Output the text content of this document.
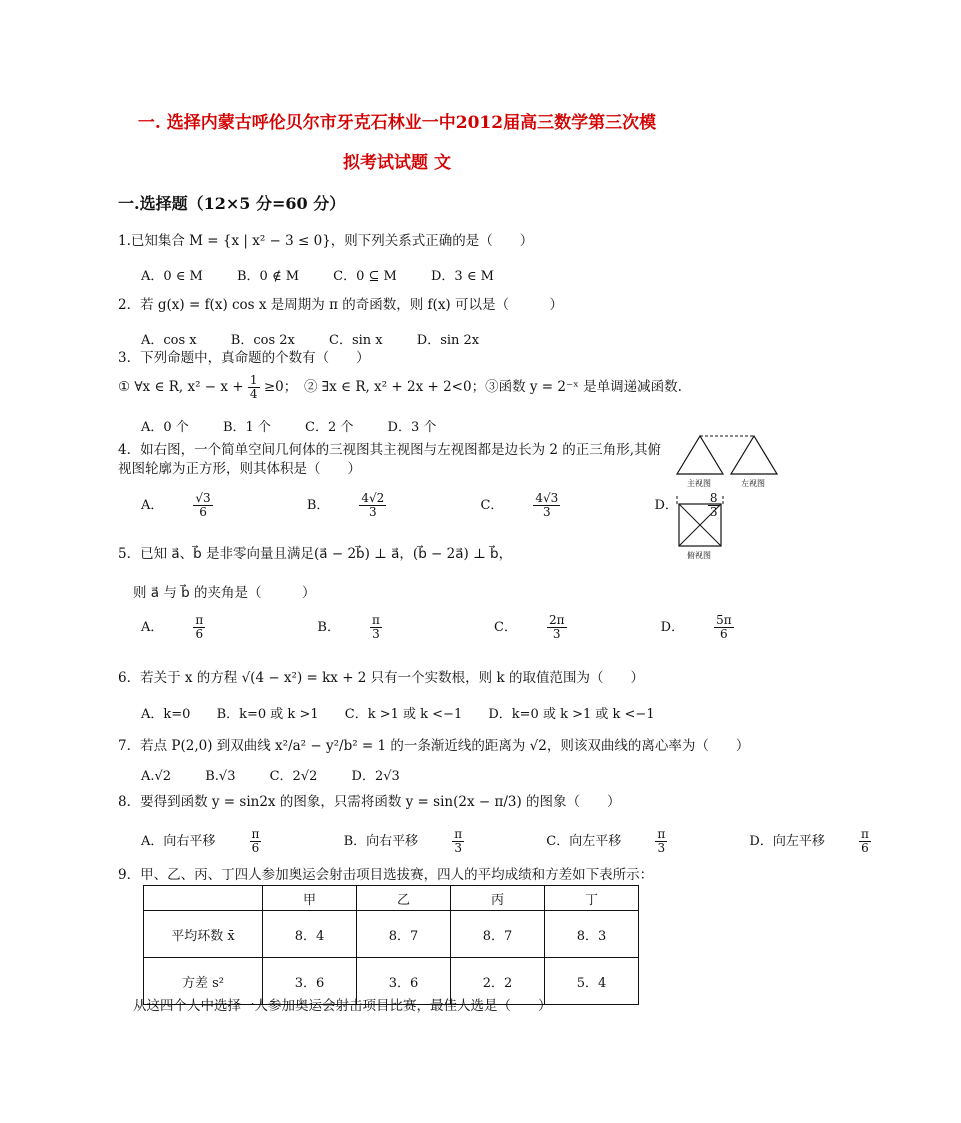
一. 选择内蒙古呼伦贝尔市牙克石林业一中2012届高三数学第三次模
拟考试试题 文
一.选择题（12×5 分=60 分）
1.已知集合 M = {x | x² − 3 ≤ 0}，则下列关系式正确的是（　　）
A．0 ∈ M	B．0 ∉ M	C．0 ⊆ M	D．3 ∈ M
2．若 g(x) = f(x) cos x 是周期为 π 的奇函数，则 f(x) 可以是（　　　）
A．cos x	B．cos 2x	C．sin x	D．sin 2x
3．下列命题中，真命题的个数有（　　）
① ∀x ∈ R, $x^2 - x + \frac{1}{4} \ge 0$；　② ∃x ∈ R, x² + 2x + 2<0；③函数 y = 2⁻ˣ 是单调递减函数.
A．0 个	B．1 个	C．2 个	D．3 个
4．如右图，一个简单空间几何体的三视图其主视图与左视图都是边长为 2 的正三角形,其俯
视图轮廓为正方形，则其体积是（　　）
A．	$\frac{√3}{6}$	B．	$\frac{4√2}{3}$	C．	$\frac{4√3}{3}$	D．	$\frac{8}{3}$
主视图	左视图
俯视图
5．已知 a⃗、b⃗ 是非零向量且满足(a⃗ − 2b⃗) ⊥ a⃗，(b⃗ − 2a⃗) ⊥ b⃗，
则 a⃗ 与 b⃗ 的夹角是（　　　）
A．	$\frac{\pi}{6}$	B．	$\frac{\pi}{3}$	C．	$\frac{2\pi}{3}$	D．	$\frac{5\pi}{6}$
6．若关于 x 的方程 √(4 − x²) = kx + 2 只有一个实数根，则 k 的取值范围为（　　）
A．k=0 B．k=0 或 k >1 C．k >1 或 k <−1 D．k=0 或 k >1 或 k <−1
7．若点 P(2,0) 到双曲线 x²/a² − y²/b² = 1 的一条渐近线的距离为 √2，则该双曲线的离心率为（　　）
A.√2	B.√3	C．2√2	D．2√3
8．要得到函数 y = sin2x 的图象，只需将函数 y = sin(2x − π/3) 的图象（　　）
A．向右平移	$\frac{\pi}{6}$	B．向右平移	$\frac{\pi}{3}$	C．向左平移	$\frac{\pi}{3}$	D．向左平移	$\frac{\pi}{6}$
9．甲、乙、丙、丁四人参加奥运会射击项目选拔赛，四人的平均成绩和方差如下表所示：
	甲	乙	丙	丁
平均环数 x̄	8．4	8．7	8．7	8．3
方差 s²	3．6	3．6	2．2	5．4
从这四个人中选择一人参加奥运会射击项目比赛，最佳人选是（　　）
